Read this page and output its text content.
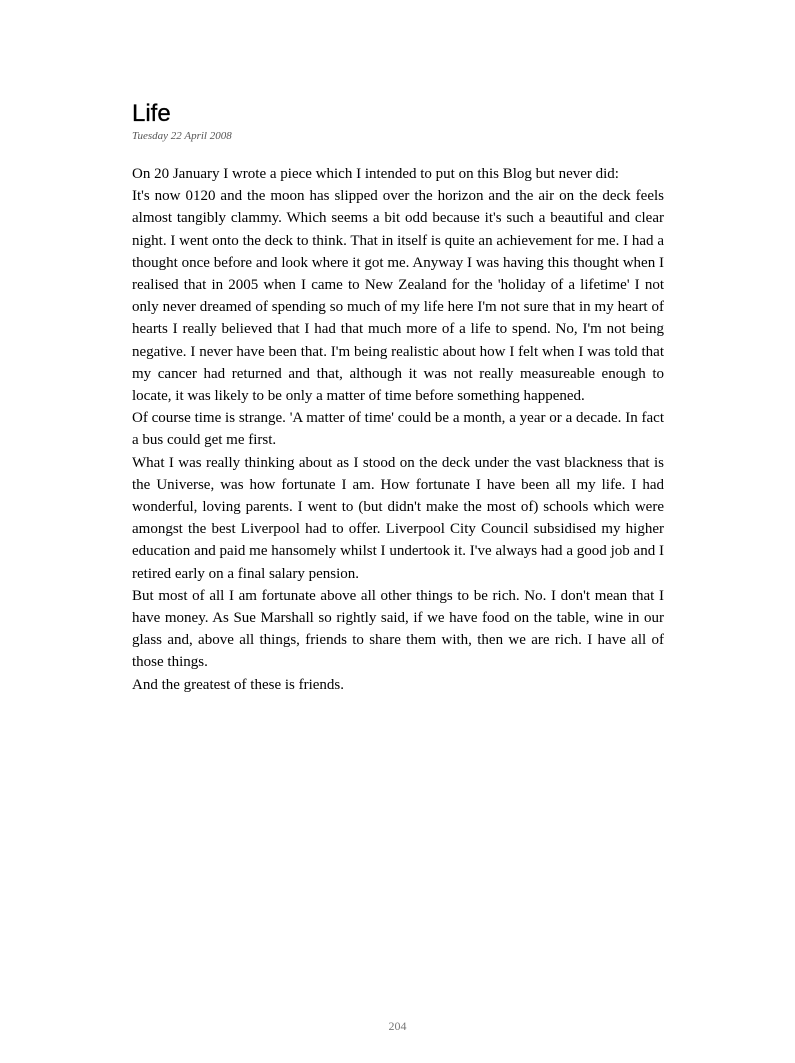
Life
Tuesday 22 April 2008

On 20 January I wrote a piece which I intended to put on this Blog but never did:

It's now 0120 and the moon has slipped over the horizon and the air on the deck feels almost tangibly clammy. Which seems a bit odd because it's such a beautiful and clear night. I went onto the deck to think. That in itself is quite an achievement for me. I had a thought once before and look where it got me. Anyway I was having this thought when I realised that in 2005 when I came to New Zealand for the 'holiday of a lifetime' I not only never dreamed of spending so much of my life here I'm not sure that in my heart of hearts I really believed that I had that much more of a life to spend. No, I'm not being negative. I never have been that. I'm being realistic about how I felt when I was told that my cancer had returned and that, although it was not really measureable enough to locate, it was likely to be only a matter of time before something happened.

Of course time is strange. 'A matter of time' could be a month, a year or a decade. In fact a bus could get me first.

What I was really thinking about as I stood on the deck under the vast blackness that is the Universe, was how fortunate I am. How fortunate I have been all my life. I had wonderful, loving parents. I went to (but didn't make the most of) schools which were amongst the best Liverpool had to offer. Liverpool City Council subsidised my higher education and paid me hansomely whilst I undertook it. I've always had a good job and I retired early on a final salary pension.

But most of all I am fortunate above all other things to be rich. No. I don't mean that I have money. As Sue Marshall so rightly said, if we have food on the table, wine in our glass and, above all things, friends to share them with, then we are rich. I have all of those things.

And the greatest of these is friends.

204
